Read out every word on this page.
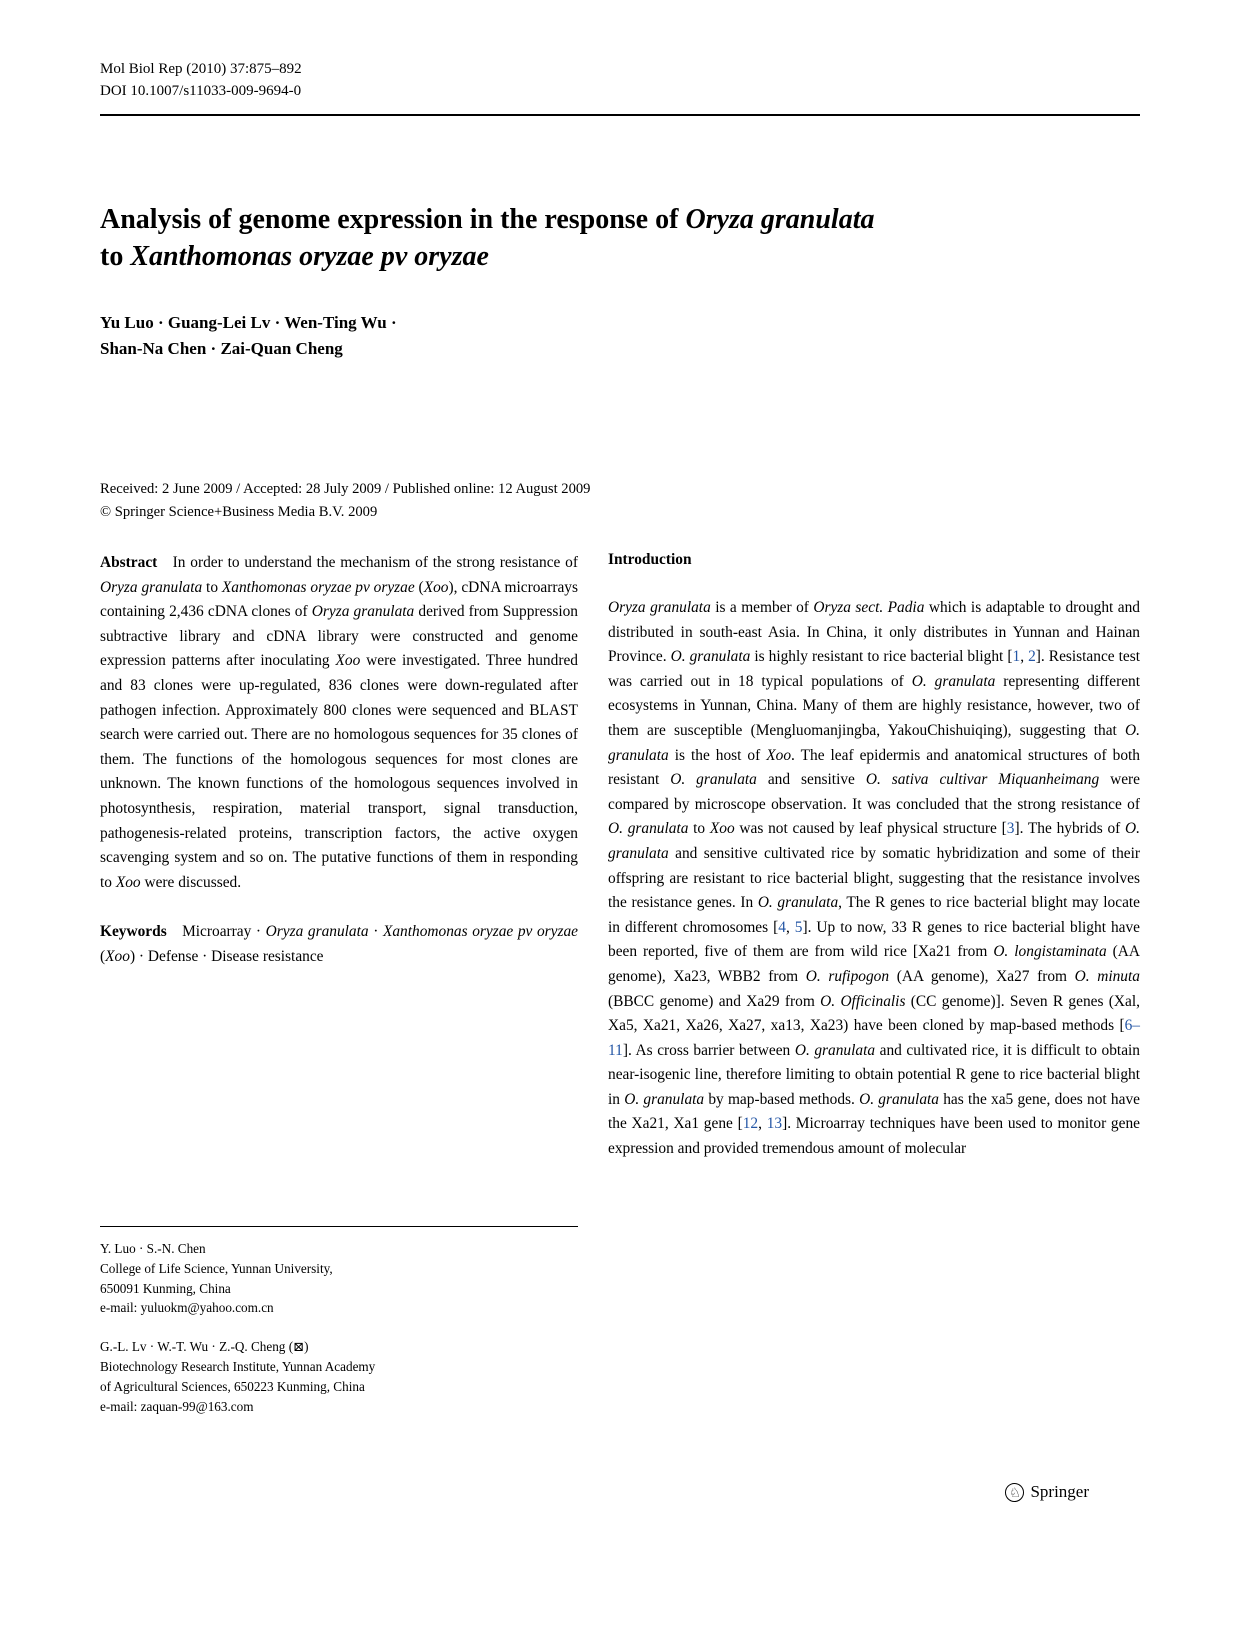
Mol Biol Rep (2010) 37:875–892
DOI 10.1007/s11033-009-9694-0
Analysis of genome expression in the response of Oryza granulata
to Xanthomonas oryzae pv oryzae
Yu Luo · Guang-Lei Lv · Wen-Ting Wu ·
Shan-Na Chen · Zai-Quan Cheng
Received: 2 June 2009 / Accepted: 28 July 2009 / Published online: 12 August 2009
© Springer Science+Business Media B.V. 2009

Abstract In order to understand the mechanism of the strong resistance of Oryza granulata to Xanthomonas oryzae pv oryzae (Xoo), cDNA microarrays containing 2,436 cDNA clones of Oryza granulata derived from Suppression subtractive library and cDNA library were constructed and genome expression patterns after inoculating Xoo were investigated. Three hundred and 83 clones were up-regulated, 836 clones were down-regulated after pathogen infection. Approximately 800 clones were sequenced and BLAST search were carried out. There are no homologous sequences for 35 clones of them. The functions of the homologous sequences for most clones are unknown. The known functions of the homologous sequences involved in photosynthesis, respiration, material transport, signal transduction, pathogenesis-related proteins, transcription factors, the active oxygen scavenging system and so on. The putative functions of them in responding to Xoo were discussed.

Keywords Microarray · Oryza granulata · Xanthomonas oryzae pv oryzae (Xoo) · Defense · Disease resistance

Introduction

Oryza granulata is a member of Oryza sect. Padia which is adaptable to drought and distributed in south-east Asia. In China, it only distributes in Yunnan and Hainan Province. O. granulata is highly resistant to rice bacterial blight [1, 2]. Resistance test was carried out in 18 typical populations of O. granulata representing different ecosystems in Yunnan, China. Many of them are highly resistance, however, two of them are susceptible (Mengluomanjingba, YakouChishuiqing), suggesting that O. granulata is the host of Xoo. The leaf epidermis and anatomical structures of both resistant O. granulata and sensitive O. sativa cultivar Miquanheimang were compared by microscope observation. It was concluded that the strong resistance of O. granulata to Xoo was not caused by leaf physical structure [3]. The hybrids of O. granulata and sensitive cultivated rice by somatic hybridization and some of their offspring are resistant to rice bacterial blight, suggesting that the resistance involves the resistance genes. In O. granulata, The R genes to rice bacterial blight may locate in different chromosomes [4, 5]. Up to now, 33 R genes to rice bacterial blight have been reported, five of them are from wild rice [Xa21 from O. longistaminata (AA genome), Xa23, WBB2 from O. rufipogon (AA genome), Xa27 from O. minuta (BBCC genome) and Xa29 from O. Officinalis (CC genome)]. Seven R genes (Xal, Xa5, Xa21, Xa26, Xa27, xa13, Xa23) have been cloned by map-based methods [6–11]. As cross barrier between O. granulata and cultivated rice, it is difficult to obtain near-isogenic line, therefore limiting to obtain potential R gene to rice bacterial blight in O. granulata by map-based methods. O. granulata has the xa5 gene, does not have the Xa21, Xa1 gene [12, 13]. Microarray techniques have been used to monitor gene expression and provided tremendous amount of molecular

Y. Luo · S.-N. Chen
College of Life Science, Yunnan University,
650091 Kunming, China
e-mail: yuluokm@yahoo.com.cn
G.-L. Lv · W.-T. Wu · Z.-Q. Cheng (⊠)
Biotechnology Research Institute, Yunnan Academy
of Agricultural Sciences, 650223 Kunming, China
e-mail: zaquan-99@163.com
♘ Springer
